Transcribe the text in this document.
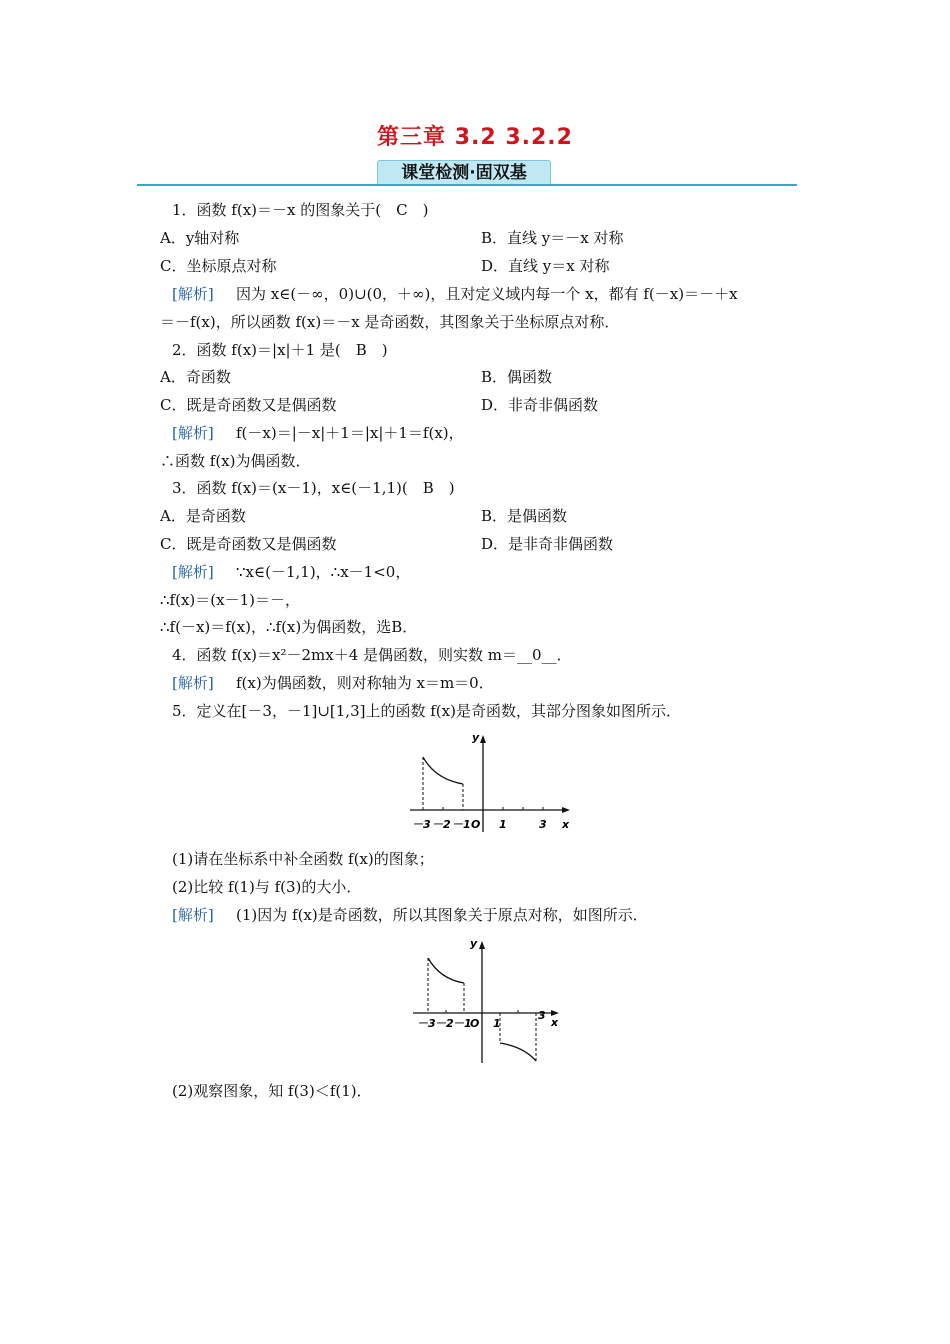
第三章 3.2 3.2.2
课堂检测·固双基
1．函数 f(x)＝－x 的图象关于(　C　)
A．y轴对称	B．直线 y＝－x 对称
C．坐标原点对称	D．直线 y＝x 对称
[解析] 因为 x∈(－∞，0)∪(0，＋∞)，且对定义域内每一个 x，都有 f(－x)＝－＋x
＝－f(x)，所以函数 f(x)＝－x 是奇函数，其图象关于坐标原点对称．
2．函数 f(x)＝|x|＋1 是(　B　)
A．奇函数	B．偶函数
C．既是奇函数又是偶函数	D．非奇非偶函数
[解析] f(－x)＝|－x|＋1＝|x|＋1＝f(x)，
∴函数 f(x)为偶函数．
3．函数 f(x)＝(x－1)，x∈(－1,1)(　B　)
A．是奇函数	B．是偶函数
C．既是奇函数又是偶函数	D．是非奇非偶函数
[解析] ∵x∈(－1,1)，∴x－1<0，
∴f(x)＝(x－1)＝－，
∴f(－x)＝f(x)，∴f(x)为偶函数，选B．
4．函数 f(x)＝x²－2mx＋4 是偶函数，则实数 m＝__0__．
[解析] f(x)为偶函数，则对称轴为 x＝m＝0．
5．定义在[－3，－1]∪[1,3]上的函数 f(x)是奇函数，其部分图象如图所示．
－3 －2 －1 O 1	3 x
y
(1)请在坐标系中补全函数 f(x)的图象；
(2)比较 f(1)与 f(3)的大小．
[解析] (1)因为 f(x)是奇函数，所以其图象关于原点对称，如图所示．
－3 －2 －1
O 1
3
x
y
(2)观察图象，知 f(3)＜f(1)．
